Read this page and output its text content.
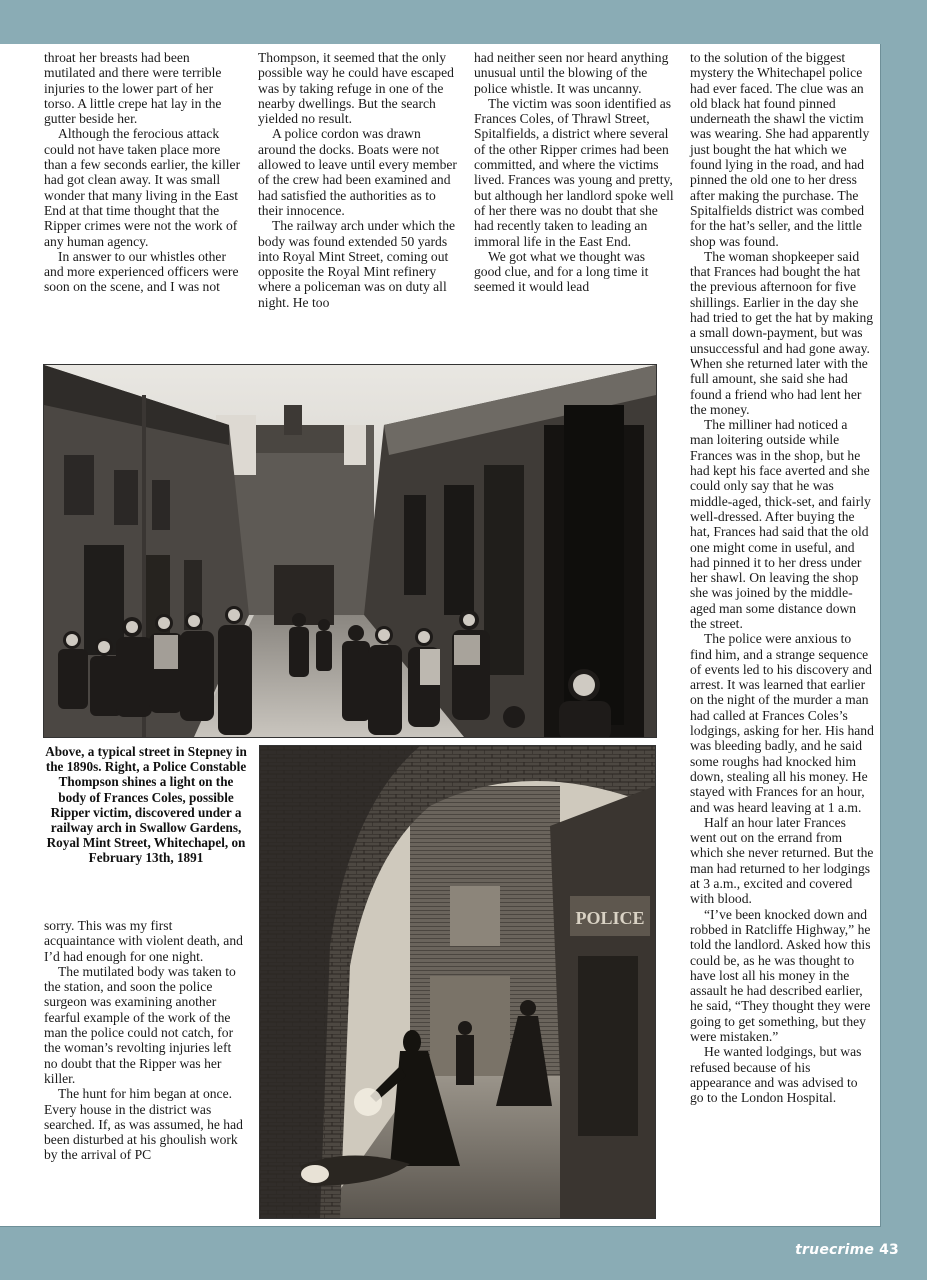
throat her breasts had been mutilated and there were terrible injuries to the lower part of her torso. A little crepe hat lay in the gutter beside her.

Although the ferocious attack could not have taken place more than a few seconds earlier, the killer had got clean away. It was small wonder that many living in the East End at that time thought that the Ripper crimes were not the work of any human agency.

In answer to our whistles other and more experienced officers were soon on the scene, and I was not

Thompson, it seemed that the only possible way he could have escaped was by taking refuge in one of the nearby dwellings. But the search yielded no result.

A police cordon was drawn around the docks. Boats were not allowed to leave until every member of the crew had been examined and had satisfied the authorities as to their innocence.

The railway arch under which the body was found extended 50 yards into Royal Mint Street, coming out opposite the Royal Mint refinery where a policeman was on duty all night. He too

had neither seen nor heard anything unusual until the blowing of the police whistle. It was uncanny.

The victim was soon identified as Frances Coles, of Thrawl Street, Spitalfields, a district where several of the other Ripper crimes had been committed, and where the victims lived. Frances was young and pretty, but although her landlord spoke well of her there was no doubt that she had recently taken to leading an immoral life in the East End.

We got what we thought was good clue, and for a long time it seemed it would lead

to the solution of the biggest mystery the Whitechapel police had ever faced. The clue was an old black hat found pinned underneath the shawl the victim was wearing. She had apparently just bought the hat which we found lying in the road, and had pinned the old one to her dress after making the purchase. The Spitalfields district was combed for the hat’s seller, and the little shop was found.

The woman shopkeeper said that Frances had bought the hat the previous afternoon for five shillings. Earlier in the day she had tried to get the hat by making a small down-payment, but was unsuccessful and had gone away. When she returned later with the full amount, she said she had found a friend who had lent her the money.

The milliner had noticed a man loitering outside while Frances was in the shop, but he had kept his face averted and she could only say that he was middle-aged, thick-set, and fairly well-dressed. After buying the hat, Frances had said that the old one might come in useful, and had pinned it to her dress under her shawl. On leaving the shop she was joined by the middle-aged man some distance down the street.

The police were anxious to find him, and a strange sequence of events led to his discovery and arrest. It was learned that earlier on the night of the murder a man had called at Frances Coles’s lodgings, asking for her. His hand was bleeding badly, and he said some roughs had knocked him down, stealing all his money. He stayed with Frances for an hour, and was heard leaving at 1 a.m.

Half an hour later Frances went out on the errand from which she never returned. But the man had returned to her lodgings at 3 a.m., excited and covered with blood.

“I’ve been knocked down and robbed in Ratcliffe Highway,” he told the landlord. Asked how this could be, as he was thought to have lost all his money in the assault he had described earlier, he said, “They thought they were going to get something, but they were mistaken.”

He wanted lodgings, but was refused because of his appearance and was advised to go to the London Hospital.

Above, a typical street in Stepney in the 1890s. Right, a Police Constable Thompson shines a light on the body of Frances Coles, possible Ripper victim, discovered under a railway arch in Swallow Gardens, Royal Mint Street, Whitechapel, on February 13th, 1891

sorry. This was my first acquaintance with violent death, and I’d had enough for one night.

The mutilated body was taken to the station, and soon the police surgeon was examining another fearful example of the work of the man the police could not catch, for the woman’s revolting injuries left no doubt that the Ripper was her killer.

The hunt for him began at once. Every house in the district was searched. If, as was assumed, he had been disturbed at his ghoulish work by the arrival of PC

POLICE
truecrime 43
